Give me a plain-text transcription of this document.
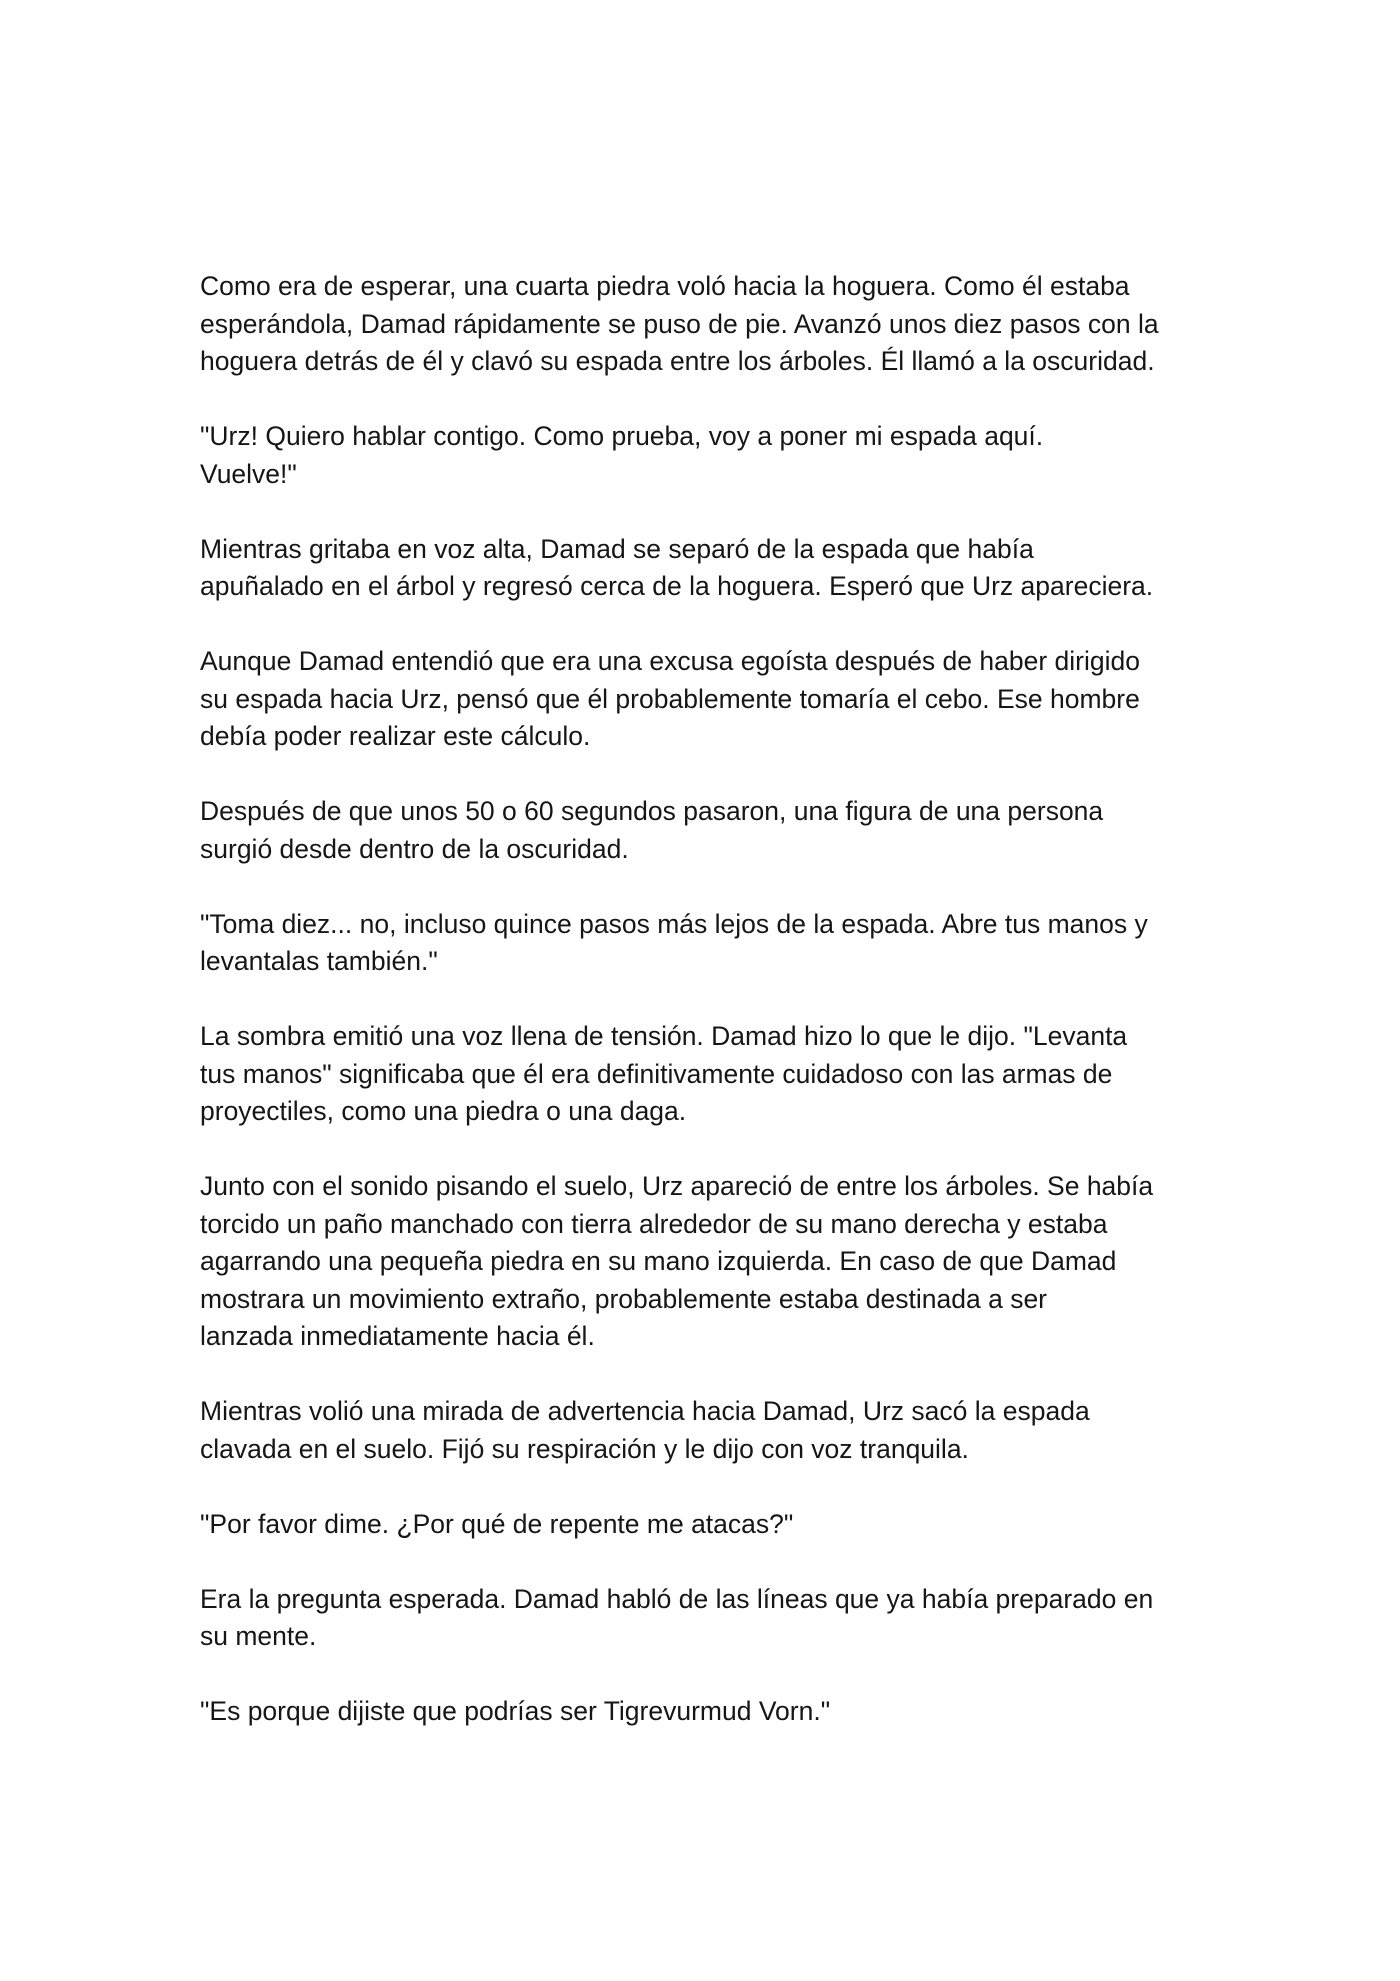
Como era de esperar, una cuarta piedra voló hacia la hoguera. Como él estaba
esperándola, Damad rápidamente se puso de pie. Avanzó unos diez pasos con la
hoguera detrás de él y clavó su espada entre los árboles. Él llamó a la oscuridad.

"Urz! Quiero hablar contigo. Como prueba, voy a poner mi espada aquí.
Vuelve!"

Mientras gritaba en voz alta, Damad se separó de la espada que había
apuñalado en el árbol y regresó cerca de la hoguera. Esperó que Urz apareciera.

Aunque Damad entendió que era una excusa egoísta después de haber dirigido
su espada hacia Urz, pensó que él probablemente tomaría el cebo. Ese hombre
debía poder realizar este cálculo.

Después de que unos 50 o 60 segundos pasaron, una figura de una persona
surgió desde dentro de la oscuridad.

"Toma diez... no, incluso quince pasos más lejos de la espada. Abre tus manos y
levantalas también."

La sombra emitió una voz llena de tensión. Damad hizo lo que le dijo. "Levanta
tus manos" significaba que él era definitivamente cuidadoso con las armas de
proyectiles, como una piedra o una daga.

Junto con el sonido pisando el suelo, Urz apareció de entre los árboles. Se había
torcido un paño manchado con tierra alrededor de su mano derecha y estaba
agarrando una pequeña piedra en su mano izquierda. En caso de que Damad
mostrara un movimiento extraño, probablemente estaba destinada a ser
lanzada inmediatamente hacia él.

Mientras volió una mirada de advertencia hacia Damad, Urz sacó la espada
clavada en el suelo. Fijó su respiración y le dijo con voz tranquila.

"Por favor dime. ¿Por qué de repente me atacas?"

Era la pregunta esperada. Damad habló de las líneas que ya había preparado en
su mente.

"Es porque dijiste que podrías ser Tigrevurmud Vorn."
